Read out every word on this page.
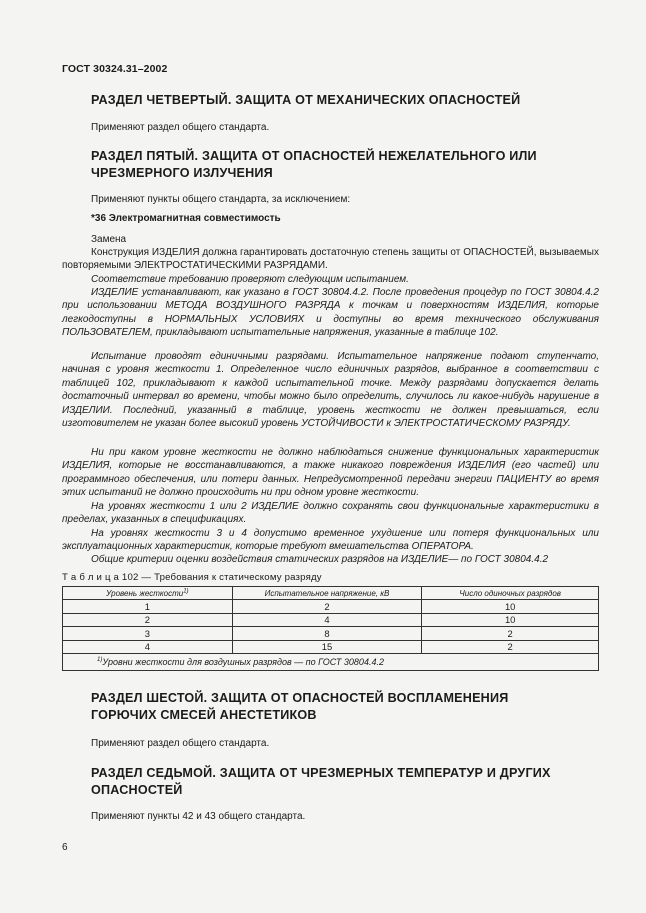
ГОСТ 30324.31–2002
РАЗДЕЛ ЧЕТВЕРТЫЙ. ЗАЩИТА ОТ МЕХАНИЧЕСКИХ ОПАСНОСТЕЙ
Применяют раздел общего стандарта.
РАЗДЕЛ ПЯТЫЙ. ЗАЩИТА ОТ ОПАСНОСТЕЙ НЕЖЕЛАТЕЛЬНОГО ИЛИ ЧРЕЗМЕРНОГО ИЗЛУЧЕНИЯ
Применяют пункты общего стандарта, за исключением:
*36 Электромагнитная совместимость
Замена
Конструкция ИЗДЕЛИЯ должна гарантировать достаточную степень защиты от ОПАСНОСТЕЙ, вызываемых повторяемыми ЭЛЕКТРОСТАТИЧЕСКИМИ РАЗРЯДАМИ.
Соответствие требованию проверяют следующим испытанием.
ИЗДЕЛИЕ устанавливают, как указано в ГОСТ 30804.4.2. После проведения процедур по ГОСТ 30804.4.2 при использовании МЕТОДА ВОЗДУШНОГО РАЗРЯДА к точкам и поверхностям ИЗДЕЛИЯ, которые легкодоступны в НОРМАЛЬНЫХ УСЛОВИЯХ и доступны во время технического обслуживания ПОЛЬЗОВАТЕЛЕМ, прикладывают испытательные напряжения, указанные в таблице 102.
Испытание проводят единичными разрядами. Испытательное напряжение подают ступенчато, начиная с уровня жесткости 1. Определенное число единичных разрядов, выбранное в соответствии с таблицей 102, прикладывают к каждой испытательной точке. Между разрядами допускается делать достаточный интервал во времени, чтобы можно было определить, случилось ли какое-нибудь нарушение в ИЗДЕЛИИ. Последний, указанный в таблице, уровень жесткости не должен превышаться, если изготовителем не указан более высокий уровень УСТОЙЧИВОСТИ к ЭЛЕКТРОСТАТИЧЕСКОМУ РАЗРЯДУ.
Ни при каком уровне жесткости не должно наблюдаться снижение функциональных характеристик ИЗДЕЛИЯ, которые не восстанавливаются, а также никакого повреждения ИЗДЕЛИЯ (его частей) или программного обеспечения, или потери данных. Непредусмотренной передачи энергии ПАЦИЕНТУ во время этих испытаний не должно происходить ни при одном уровне жесткости.
На уровнях жесткости 1 или 2 ИЗДЕЛИЕ должно сохранять свои функциональные характеристики в пределах, указанных в спецификациях.
На уровнях жесткости 3 и 4 допустимо временное ухудшение или потеря функциональных или эксплуатационных характеристик, которые требуют вмешательства ОПЕРАТОРА.
Общие критерии оценки воздействия статических разрядов на ИЗДЕЛИЕ— по ГОСТ 30804.4.2
Т а б л и ц а 102 — Требования к статическому разряду
Уровень жесткости$^{1)}$	Испытательное напряжение, кВ	Число одиночных разрядов
1	2	10
2	4	10
3	8	2
4	15	2
$^{1)}$Уровни жесткости для воздушных разрядов — по ГОСТ 30804.4.2		
РАЗДЕЛ ШЕСТОЙ. ЗАЩИТА ОТ ОПАСНОСТЕЙ ВОСПЛАМЕНЕНИЯ ГОРЮЧИХ СМЕСЕЙ АНЕСТЕТИКОВ
Применяют раздел общего стандарта.
РАЗДЕЛ СЕДЬМОЙ. ЗАЩИТА ОТ ЧРЕЗМЕРНЫХ ТЕМПЕРАТУР И ДРУГИХ ОПАСНОСТЕЙ
Применяют пункты 42 и 43 общего стандарта.
6
